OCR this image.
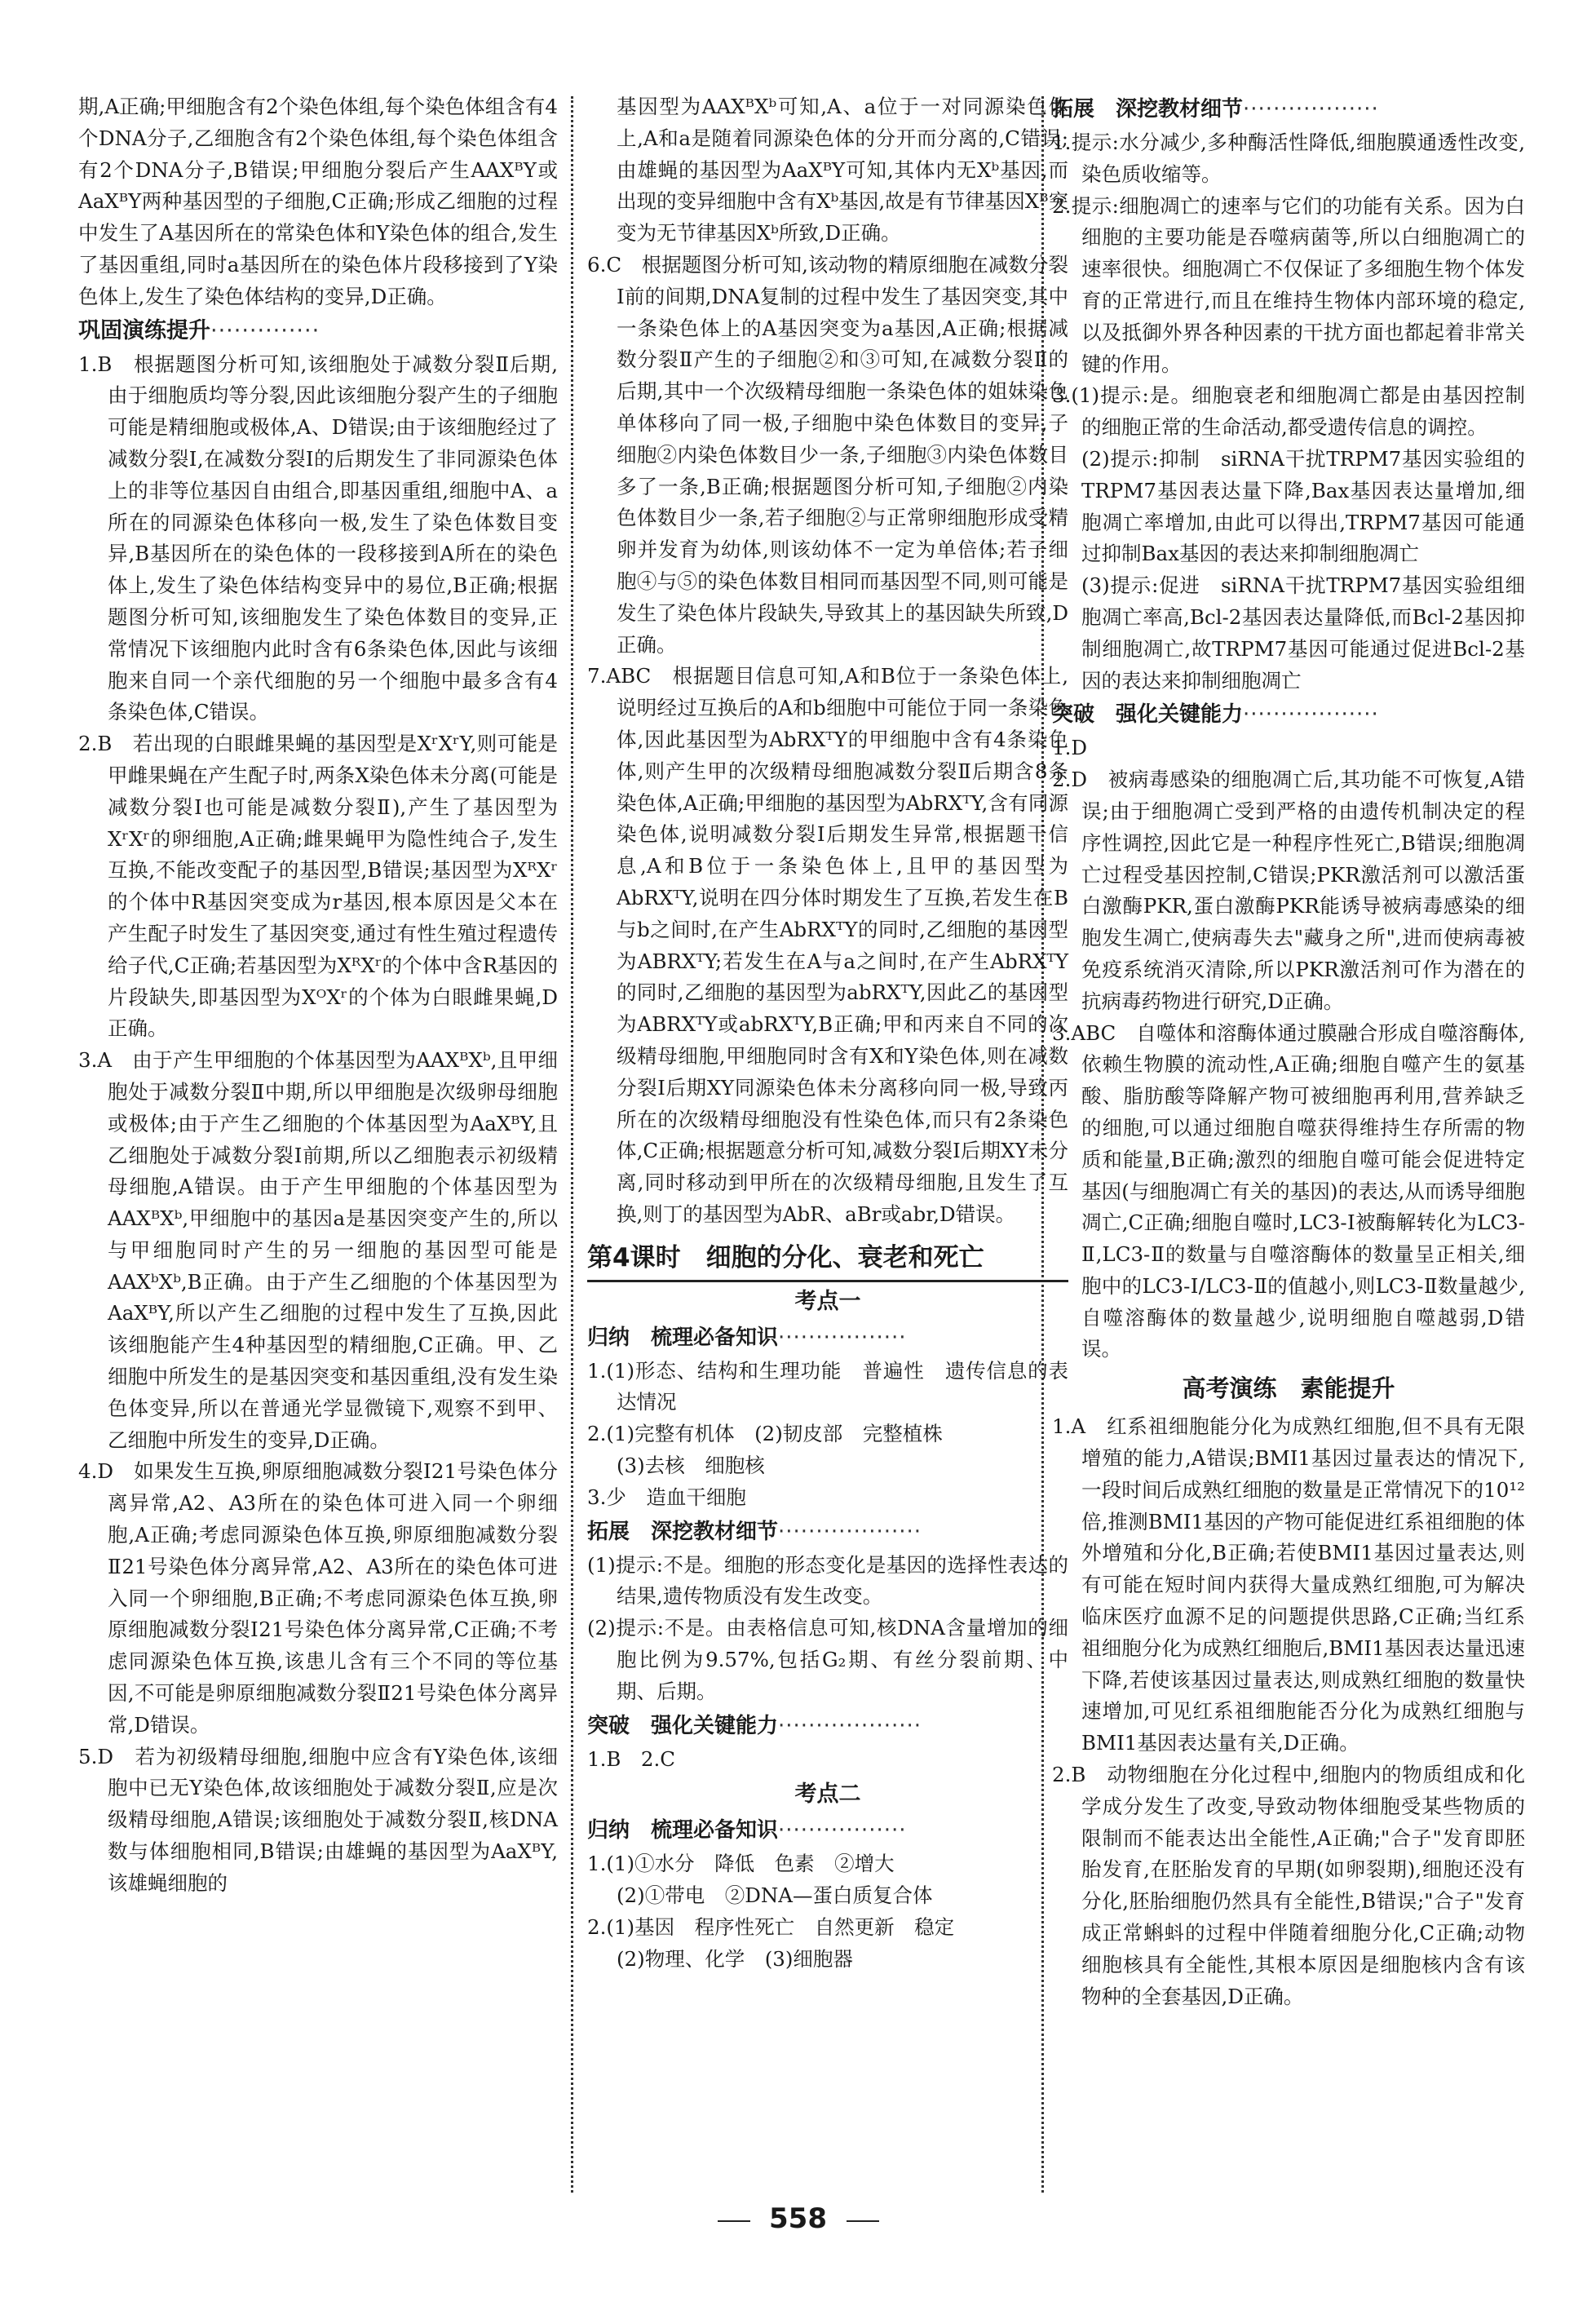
期,A正确;甲细胞含有2个染色体组,每个染色体组含有4个DNA分子,乙细胞含有2个染色体组,每个染色体组含有2个DNA分子,B错误;甲细胞分裂后产生AAXᴮY或AaXᴮY两种基因型的子细胞,C正确;形成乙细胞的过程中发生了A基因所在的常染色体和Y染色体的组合,发生了基因重组,同时a基因所在的染色体片段移接到了Y染色体上,发生了染色体结构的变异,D正确。

巩固演练提升··············

1.B　根据题图分析可知,该细胞处于减数分裂Ⅱ后期,由于细胞质均等分裂,因此该细胞分裂产生的子细胞可能是精细胞或极体,A、D错误;由于该细胞经过了减数分裂Ⅰ,在减数分裂Ⅰ的后期发生了非同源染色体上的非等位基因自由组合,即基因重组,细胞中A、a所在的同源染色体移向一极,发生了染色体数目变异,B基因所在的染色体的一段移接到A所在的染色体上,发生了染色体结构变异中的易位,B正确;根据题图分析可知,该细胞发生了染色体数目的变异,正常情况下该细胞内此时含有6条染色体,因此与该细胞来自同一个亲代细胞的另一个细胞中最多含有4条染色体,C错误。

2.B　若出现的白眼雌果蝇的基因型是XʳXʳY,则可能是甲雌果蝇在产生配子时,两条X染色体未分离(可能是减数分裂Ⅰ也可能是减数分裂Ⅱ),产生了基因型为XʳXʳ的卵细胞,A正确;雌果蝇甲为隐性纯合子,发生互换,不能改变配子的基因型,B错误;基因型为XᴿXʳ的个体中R基因突变成为r基因,根本原因是父本在产生配子时发生了基因突变,通过有性生殖过程遗传给子代,C正确;若基因型为XᴿXʳ的个体中含R基因的片段缺失,即基因型为XᴼXʳ的个体为白眼雌果蝇,D正确。

3.A　由于产生甲细胞的个体基因型为AAXᴮXᵇ,且甲细胞处于减数分裂Ⅱ中期,所以甲细胞是次级卵母细胞或极体;由于产生乙细胞的个体基因型为AaXᴮY,且乙细胞处于减数分裂Ⅰ前期,所以乙细胞表示初级精母细胞,A错误。由于产生甲细胞的个体基因型为AAXᴮXᵇ,甲细胞中的基因a是基因突变产生的,所以与甲细胞同时产生的另一细胞的基因型可能是AAXᵇXᵇ,B正确。由于产生乙细胞的个体基因型为AaXᴮY,所以产生乙细胞的过程中发生了互换,因此该细胞能产生4种基因型的精细胞,C正确。甲、乙细胞中所发生的是基因突变和基因重组,没有发生染色体变异,所以在普通光学显微镜下,观察不到甲、乙细胞中所发生的变异,D正确。

4.D　如果发生互换,卵原细胞减数分裂Ⅰ21号染色体分离异常,A2、A3所在的染色体可进入同一个卵细胞,A正确;考虑同源染色体互换,卵原细胞减数分裂Ⅱ21号染色体分离异常,A2、A3所在的染色体可进入同一个卵细胞,B正确;不考虑同源染色体互换,卵原细胞减数分裂Ⅰ21号染色体分离异常,C正确;不考虑同源染色体互换,该患儿含有三个不同的等位基因,不可能是卵原细胞减数分裂Ⅱ21号染色体分离异常,D错误。

5.D　若为初级精母细胞,细胞中应含有Y染色体,该细胞中已无Y染色体,故该细胞处于减数分裂Ⅱ,应是次级精母细胞,A错误;该细胞处于减数分裂Ⅱ,核DNA数与体细胞相同,B错误;由雄蝇的基因型为AaXᴮY,该雄蝇细胞的

基因型为AAXᴮXᵇ可知,A、a位于一对同源染色体上,A和a是随着同源染色体的分开而分离的,C错误;由雄蝇的基因型为AaXᴮY可知,其体内无Xᵇ基因,而出现的变异细胞中含有Xᵇ基因,故是有节律基因Xᴮ突变为无节律基因Xᵇ所致,D正确。

6.C　根据题图分析可知,该动物的精原细胞在减数分裂Ⅰ前的间期,DNA复制的过程中发生了基因突变,其中一条染色体上的A基因突变为a基因,A正确;根据减数分裂Ⅱ产生的子细胞②和③可知,在减数分裂Ⅱ的后期,其中一个次级精母细胞一条染色体的姐妹染色单体移向了同一极,子细胞中染色体数目的变异,子细胞②内染色体数目少一条,子细胞③内染色体数目多了一条,B正确;根据题图分析可知,子细胞②内染色体数目少一条,若子细胞②与正常卵细胞形成受精卵并发育为幼体,则该幼体不一定为单倍体;若子细胞④与⑤的染色体数目相同而基因型不同,则可能是发生了染色体片段缺失,导致其上的基因缺失所致,D正确。

7.ABC　根据题目信息可知,A和B位于一条染色体上,说明经过互换后的A和b细胞中可能位于同一条染色体,因此基因型为AbRXᵀY的甲细胞中含有4条染色体,则产生甲的次级精母细胞减数分裂Ⅱ后期含8条染色体,A正确;甲细胞的基因型为AbRXᵀY,含有同源染色体,说明减数分裂Ⅰ后期发生异常,根据题干信息,A和B位于一条染色体上,且甲的基因型为AbRXᵀY,说明在四分体时期发生了互换,若发生在B与b之间时,在产生AbRXᵀY的同时,乙细胞的基因型为ABRXᵀY;若发生在A与a之间时,在产生AbRXᵀY的同时,乙细胞的基因型为abRXᵀY,因此乙的基因型为ABRXᵀY或abRXᵀY,B正确;甲和丙来自不同的次级精母细胞,甲细胞同时含有X和Y染色体,则在减数分裂Ⅰ后期XY同源染色体未分离移向同一极,导致丙所在的次级精母细胞没有性染色体,而只有2条染色体,C正确;根据题意分析可知,减数分裂Ⅰ后期XY未分离,同时移动到甲所在的次级精母细胞,且发生了互换,则丁的基因型为AbR、aBr或abr,D错误。

第4课时　细胞的分化、衰老和死亡
考点一
归纳　梳理必备知识·················

1.(1)形态、结构和生理功能　普遍性　遗传信息的表达情况

2.(1)完整有机体　(2)韧皮部　完整植株

(3)去核　细胞核

3.少　造血干细胞

拓展　深挖教材细节···················

(1)提示:不是。细胞的形态变化是基因的选择性表达的结果,遗传物质没有发生改变。

(2)提示:不是。由表格信息可知,核DNA含量增加的细胞比例为9.57%,包括G₂期、有丝分裂前期、中期、后期。

突破　强化关键能力···················

1.B　2.C

考点二
归纳　梳理必备知识·················

1.(1)①水分　降低　色素　②增大

(2)①带电　②DNA—蛋白质复合体

2.(1)基因　程序性死亡　自然更新　稳定

(2)物理、化学　(3)细胞器

拓展　深挖教材细节··················

1.提示:水分减少,多种酶活性降低,细胞膜通透性改变,染色质收缩等。

2.提示:细胞凋亡的速率与它们的功能有关系。因为白细胞的主要功能是吞噬病菌等,所以白细胞凋亡的速率很快。细胞凋亡不仅保证了多细胞生物个体发育的正常进行,而且在维持生物体内部环境的稳定,以及抵御外界各种因素的干扰方面也都起着非常关键的作用。

3.(1)提示:是。细胞衰老和细胞凋亡都是由基因控制的细胞正常的生命活动,都受遗传信息的调控。

(2)提示:抑制　siRNA干扰TRPM7基因实验组的TRPM7基因表达量下降,Bax基因表达量增加,细胞凋亡率增加,由此可以得出,TRPM7基因可能通过抑制Bax基因的表达来抑制细胞凋亡

(3)提示:促进　siRNA干扰TRPM7基因实验组细胞凋亡率高,Bcl-2基因表达量降低,而Bcl-2基因抑制细胞凋亡,故TRPM7基因可能通过促进Bcl-2基因的表达来抑制细胞凋亡

突破　强化关键能力··················

1.D

2.D　被病毒感染的细胞凋亡后,其功能不可恢复,A错误;由于细胞凋亡受到严格的由遗传机制决定的程序性调控,因此它是一种程序性死亡,B错误;细胞凋亡过程受基因控制,C错误;PKR激活剂可以激活蛋白激酶PKR,蛋白激酶PKR能诱导被病毒感染的细胞发生凋亡,使病毒失去"藏身之所",进而使病毒被免疫系统消灭清除,所以PKR激活剂可作为潜在的抗病毒药物进行研究,D正确。

3.ABC　自噬体和溶酶体通过膜融合形成自噬溶酶体,依赖生物膜的流动性,A正确;细胞自噬产生的氨基酸、脂肪酸等降解产物可被细胞再利用,营养缺乏的细胞,可以通过细胞自噬获得维持生存所需的物质和能量,B正确;激烈的细胞自噬可能会促进特定基因(与细胞凋亡有关的基因)的表达,从而诱导细胞凋亡,C正确;细胞自噬时,LC3-Ⅰ被酶解转化为LC3-Ⅱ,LC3-Ⅱ的数量与自噬溶酶体的数量呈正相关,细胞中的LC3-Ⅰ/LC3-Ⅱ的值越小,则LC3-Ⅱ数量越少,自噬溶酶体的数量越少,说明细胞自噬越弱,D错误。

高考演练　素能提升

1.A　红系祖细胞能分化为成熟红细胞,但不具有无限增殖的能力,A错误;BMI1基因过量表达的情况下,一段时间后成熟红细胞的数量是正常情况下的10¹²倍,推测BMI1基因的产物可能促进红系祖细胞的体外增殖和分化,B正确;若使BMI1基因过量表达,则有可能在短时间内获得大量成熟红细胞,可为解决临床医疗血源不足的问题提供思路,C正确;当红系祖细胞分化为成熟红细胞后,BMI1基因表达量迅速下降,若使该基因过量表达,则成熟红细胞的数量快速增加,可见红系祖细胞能否分化为成熟红细胞与BMI1基因表达量有关,D正确。

2.B　动物细胞在分化过程中,细胞内的物质组成和化学成分发生了改变,导致动物体细胞受某些物质的限制而不能表达出全能性,A正确;"合子"发育即胚胎发育,在胚胎发育的早期(如卵裂期),细胞还没有分化,胚胎细胞仍然具有全能性,B错误;"合子"发育成正常蝌蚪的过程中伴随着细胞分化,C正确;动物细胞核具有全能性,其根本原因是细胞核内含有该物种的全套基因,D正确。

558
